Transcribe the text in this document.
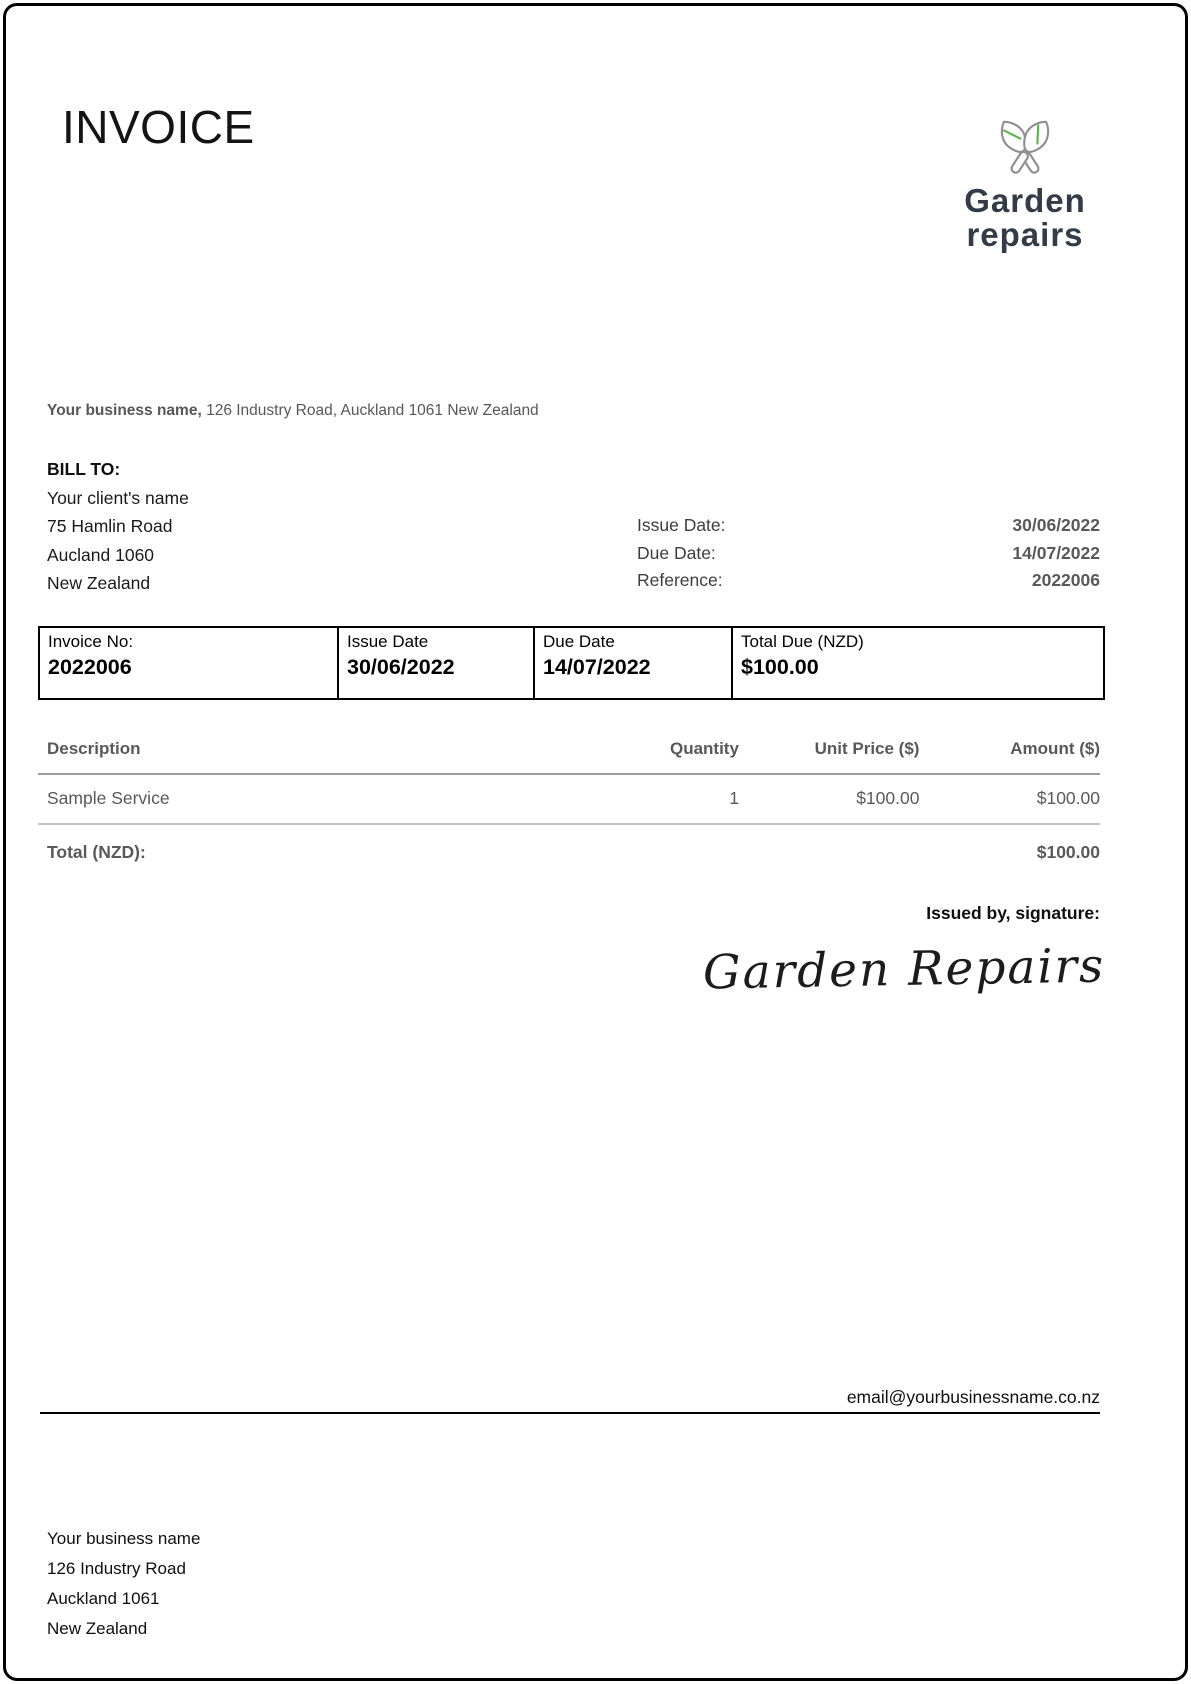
INVOICE
Garden
repairs
Your business name, 126 Industry Road, Auckland 1061 New Zealand
BILL TO:
Your client's name
75 Hamlin Road
Aucland 1060
New Zealand
Issue Date:	30/06/2022
Due Date:	14/07/2022
Reference:	2022006
Invoice No:
2022006
Issue Date
30/06/2022
Due Date
14/07/2022
Total Due (NZD)
$100.00
Description	Quantity	Unit Price ($)	Amount ($)
Sample Service	1	$100.00	$100.00
Total (NZD):	$100.00
Issued by, signature:
Garden Repairs
email@yourbusinessname.co.nz
Your business name
126 Industry Road
Auckland 1061
New Zealand
